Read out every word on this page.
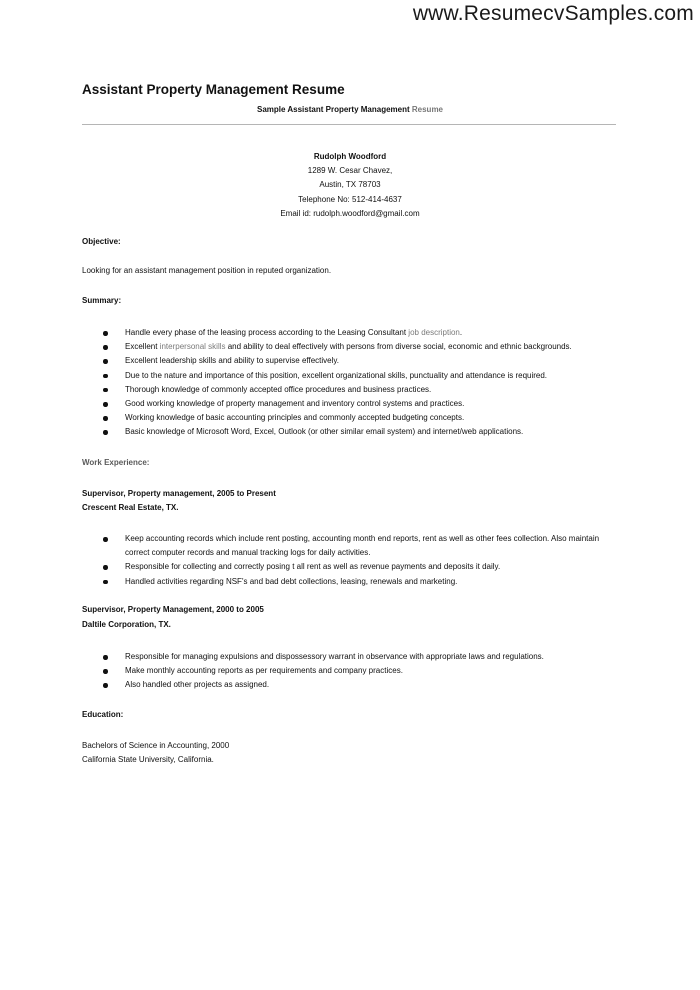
www.ResumecvSamples.com
Assistant Property Management Resume
Sample Assistant Property Management Resume
Rudolph Woodford
1289 W. Cesar Chavez,
Austin, TX 78703
Telephone No: 512-414-4637
Email id: rudolph.woodford@gmail.com
Objective:
Looking for an assistant management position in reputed organization.
Summary:
Handle every phase of the leasing process according to the Leasing Consultant job description.
Excellent interpersonal skills and ability to deal effectively with persons from diverse social, economic and ethnic backgrounds.
Excellent leadership skills and ability to supervise effectively.
Due to the nature and importance of this position, excellent organizational skills, punctuality and attendance is required.
Thorough knowledge of commonly accepted office procedures and business practices.
Good working knowledge of property management and inventory control systems and practices.
Working knowledge of basic accounting principles and commonly accepted budgeting concepts.
Basic knowledge of Microsoft Word, Excel, Outlook (or other similar email system) and internet/web applications.
Work Experience:
Supervisor, Property management, 2005 to Present
Crescent Real Estate, TX.
Keep accounting records which include rent posting, accounting month end reports, rent as well as other fees collection. Also maintain correct computer records and manual tracking logs for daily activities.
Responsible for collecting and correctly posing t all rent as well as revenue payments and deposits it daily.
Handled activities regarding NSF's and bad debt collections, leasing, renewals and marketing.
Supervisor, Property Management, 2000 to 2005
Daltile Corporation, TX.
Responsible for managing expulsions and dispossessory warrant in observance with appropriate laws and regulations.
Make monthly accounting reports as per requirements and company practices.
Also handled other projects as assigned.
Education:
Bachelors of Science in Accounting, 2000
California State University, California.
